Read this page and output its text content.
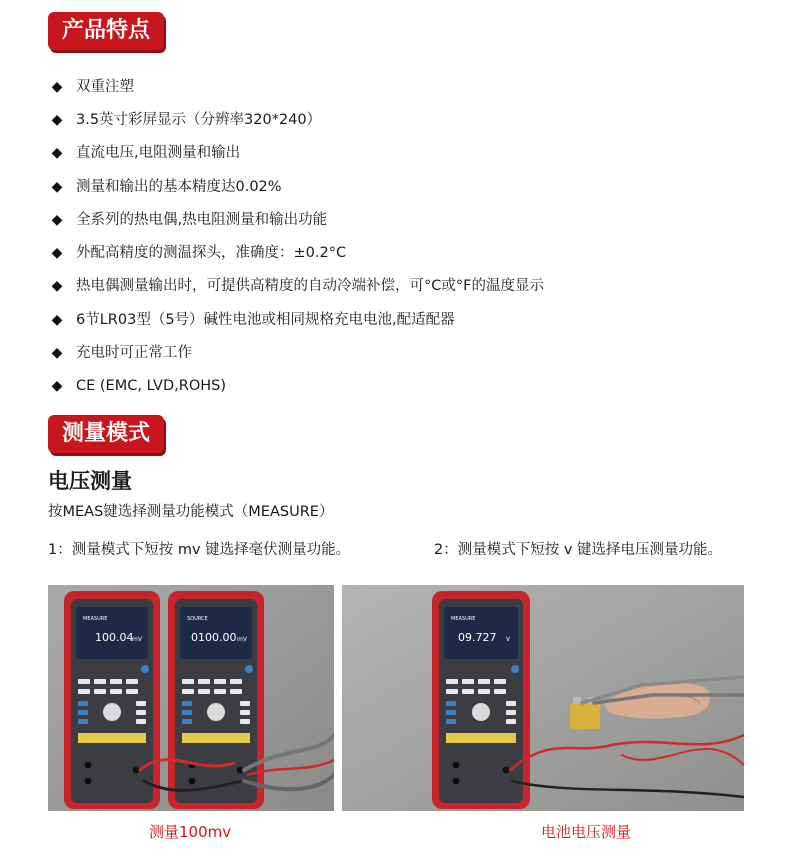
产品特点
◆ 双重注塑
◆ 3.5英寸彩屏显示（分辨率320*240）
◆ 直流电压,电阻测量和输出
◆ 测量和输出的基本精度达0.02%
◆ 全系列的热电偶,热电阻测量和输出功能
◆ 外配高精度的测温探头，准确度：±0.2°C
◆ 热电偶测量输出时，可提供高精度的自动冷端补偿，可°C或°F的温度显示
◆ 6节LR03型（5号）碱性电池或相同规格充电电池,配适配器
◆ 充电时可正常工作
◆ CE (EMC, LVD,ROHS)
测量模式
电压测量
按MEAS键选择测量功能模式（MEASURE）
1：测量模式下短按 mv 键选择毫伏测量功能。	2：测量模式下短按 v 键选择电压测量功能。
MEASURE
100.04
mV
SOURCE
0100.00 mV
MEASURE
09.727 V
测量100mv	电池电压测量
